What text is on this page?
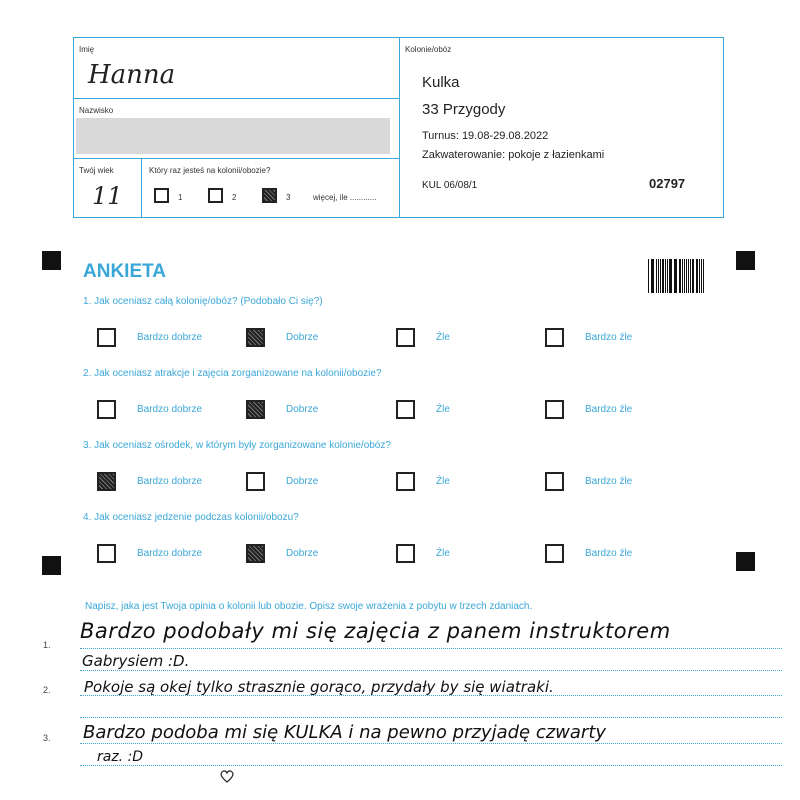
Imię
Hanna
Nazwisko
Twój wiek
11
Który raz jesteś na kolonii/obozie?
1	2	3	więcej, ile ............
Kolonie/obóz
Kulka
33 Przygody
Turnus: 19.08-29.08.2022
Zakwaterowanie: pokoje z łazienkami
KUL 06/08/1	02797
ANKIETA
1. Jak oceniasz całą kolonię/obóz? (Podobało Ci się?)
Bardzo dobrze	Dobrze	Źle	Bardzo źle
2. Jak oceniasz atrakcje i zajęcia zorganizowane na kolonii/obozie?
Bardzo dobrze	Dobrze	Źle	Bardzo źle
3. Jak oceniasz ośrodek, w którym były zorganizowane kolonie/obóz?
Bardzo dobrze	Dobrze	Źle	Bardzo źle
4. Jak oceniasz jedzenie podczas kolonii/obozu?
Bardzo dobrze	Dobrze	Źle	Bardzo źle
Napisz, jaka jest Twoja opinia o kolonii lub obozie. Opisz swoje wrażenia z pobytu w trzech zdaniach.
1.
2.
3.
Bardzo podobały mi się zajęcia z panem instruktorem
Gabrysiem :D.
Pokoje są okej tylko strasznie gorąco, przydały by się wiatraki.
Bardzo podoba mi się KULKA i na pewno przyjadę czwarty
raz. :D
